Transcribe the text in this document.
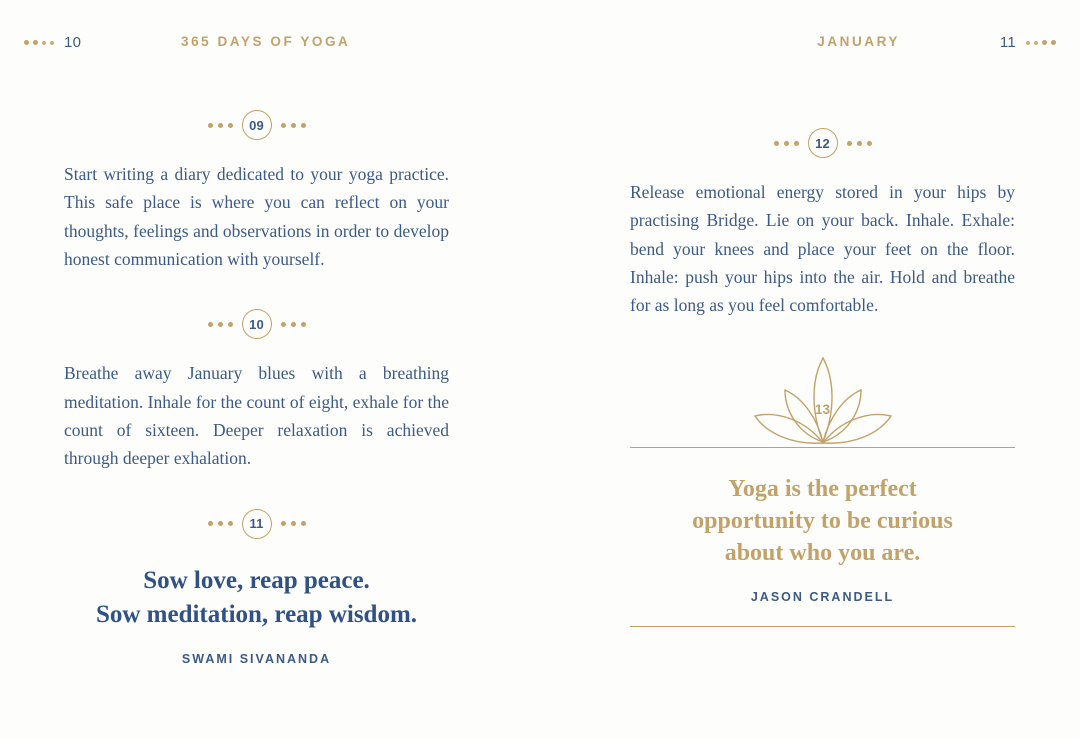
10	365 DAYS OF YOGA	JANUARY	11
09

Start writing a diary dedicated to your yoga practice. This safe place is where you can reflect on your thoughts, feelings and observations in order to develop honest communication with yourself.

10

Breathe away January blues with a breathing meditation. Inhale for the count of eight, exhale for the count of sixteen. Deeper relaxation is achieved through deeper exhalation.

11

Sow love, reap peace.

Sow meditation, reap wisdom.

SWAMI SIVANANDA
12

Release emotional energy stored in your hips by practising Bridge. Lie on your back. Inhale. Exhale: bend your knees and place your feet on the floor. Inhale: push your hips into the air. Hold and breathe for as long as you feel comfortable.

13

Yoga is the perfect

opportunity to be curious

about who you are.

JASON CRANDELL
